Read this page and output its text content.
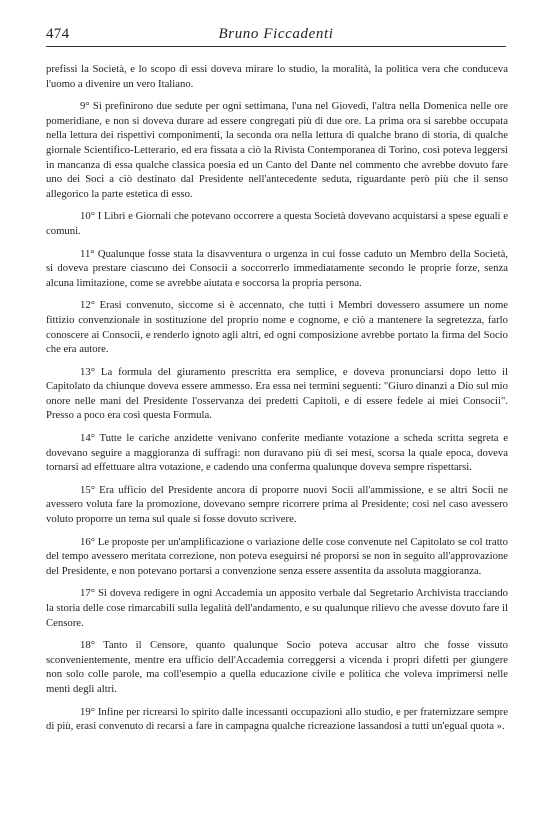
474	Bruno Ficcadenti

prefissi la Società, e lo scopo di essi doveva mirare lo studio, la moralità, la politica vera che conduceva l'uomo a divenire un vero Italiano.

9° Si prefinirono due sedute per ogni settimana, l'una nel Giovedì, l'altra nella Domenica nelle ore pomeridiane, e non si doveva durare ad essere congregati più di due ore. La prima ora si sarebbe occupata nella lettura dei rispettivi componimenti, la seconda ora nella lettura di qualche brano di storia, di qualche giornale Scientifico-Letterario, ed era fissata a ciò la Rivista Contemporanea di Torino, così poteva leggersi in mancanza di essa qualche classica poesia ed un Canto del Dante nel commento che avrebbe dovuto fare uno dei Soci a ciò destinato dal Presidente nell'antecedente seduta, riguardante però più che il senso allegorico la parte estetica di esso.

10° I Libri e Giornali che potevano occorrere a questa Società dovevano acquistarsi a spese eguali e comuni.

11° Qualunque fosse stata la disavventura o urgenza in cui fosse caduto un Membro della Società, si doveva prestare ciascuno dei Consocii a soccorrerlo immediatamente secondo le proprie forze, senza alcuna limitazione, come se avrebbe aiutata e soccorsa la propria persona.

12° Erasi convenuto, siccome si è accennato, che tutti i Membri dovessero assumere un nome fittizio convenzionale in sostituzione del proprio nome e cognome, e ciò a mantenere la segretezza, farlo conoscere ai Consocii, e renderlo ignoto agli altri, ed ogni composizione avrebbe portato la firma del Socio che era autore.

13° La formula del giuramento prescritta era semplice, e doveva pronunciarsi dopo letto il Capitolato da chiunque doveva essere ammesso. Era essa nei termini seguenti: "Giuro dinanzi a Dio sul mio onore nelle mani del Presidente l'osservanza dei predetti Capitoli, e di essere fedele ai miei Consocii". Presso a poco era così questa Formula.

14° Tutte le cariche anzidette venivano conferite mediante votazione a scheda scritta segreta e dovevano seguire a maggioranza di suffragi: non duravano più di sei mesi, scorsa la quale epoca, doveva tornarsi ad effettuare altra votazione, e cadendo una conferma qualunque doveva sempre rispettarsi.

15° Era ufficio del Presidente ancora di proporre nuovi Socii all'ammissione, e se altri Socii ne avessero voluta fare la promozione, dovevano sempre ricorrere prima al Presidente; così nel caso avessero voluto proporre un tema sul quale si fosse dovuto scrivere.

16° Le proposte per un'amplificazione o variazione delle cose convenute nel Capitolato se col tratto del tempo avessero meritata correzione, non poteva eseguirsi né proporsi se non in seguito all'approvazione del Presidente, e non potevano portarsi a convenzione senza essere assentita da assoluta maggioranza.

17° Si doveva redigere in ogni Accademia un apposito verbale dal Segretario Archivista tracciando la storia delle cose rimarcabili sulla legalità dell'andamento, e su qualunque rilievo che avesse dovuto fare il Censore.

18° Tanto il Censore, quanto qualunque Socio poteva accusar altro che fosse vissuto sconvenientemente, mentre era ufficio dell'Accademia correggersi a vicenda i propri difetti per giungere non solo colle parole, ma coll'esempio a quella educazione civile e politica che voleva imprimersi nelle menti degli altri.

19° Infine per ricrearsi lo spirito dalle incessanti occupazioni allo studio, e per fraternizzare sempre di più, erasi convenuto di recarsi a fare in campagna qualche ricreazione lassandosi a tutti un'egual quota ».
